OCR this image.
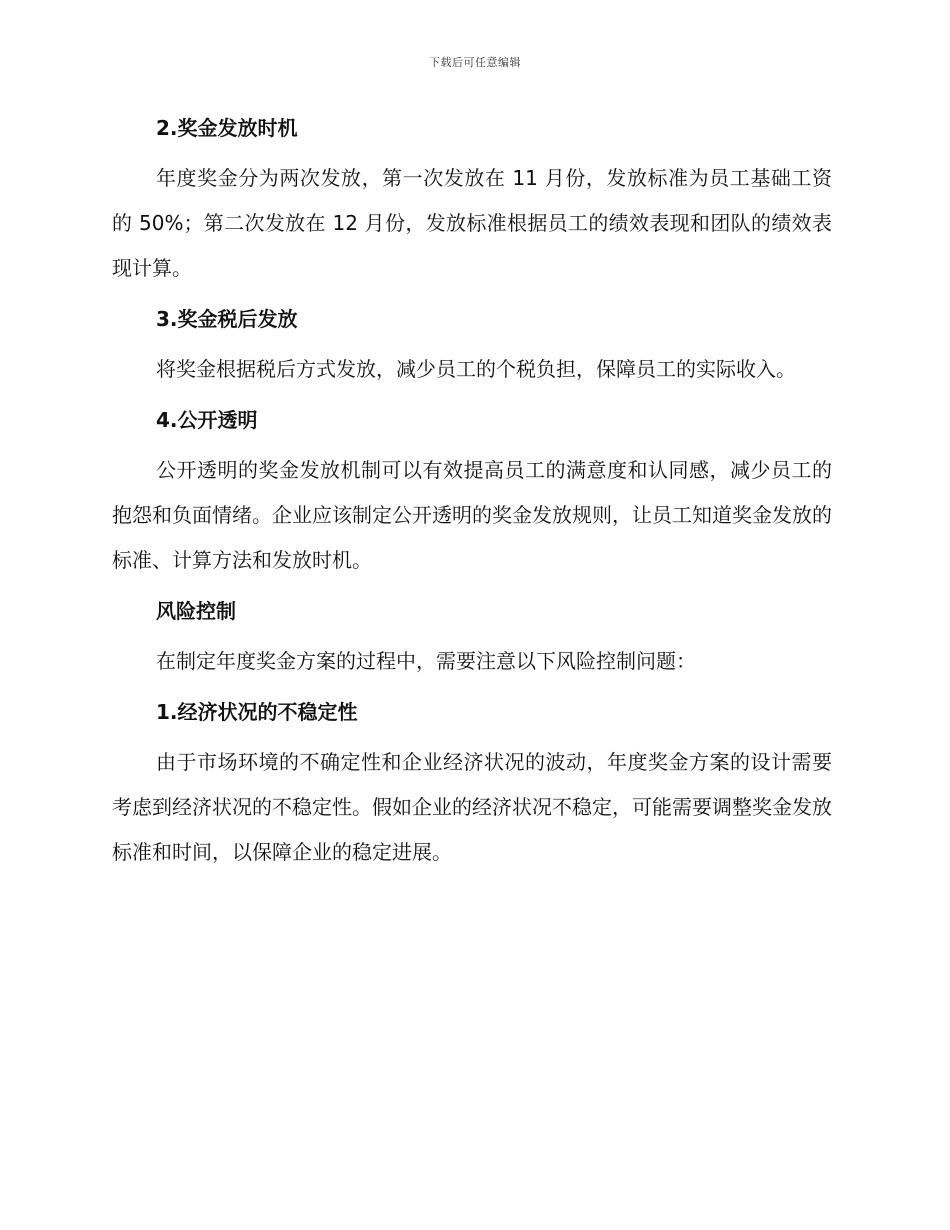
下载后可任意编辑
2.奖金发放时机

年度奖金分为两次发放，第一次发放在 11 月份，发放标准为员工基础工资的 50%；第二次发放在 12 月份，发放标准根据员工的绩效表现和团队的绩效表现计算。

3.奖金税后发放

将奖金根据税后方式发放，减少员工的个税负担，保障员工的实际收入。

4.公开透明

公开透明的奖金发放机制可以有效提高员工的满意度和认同感，减少员工的抱怨和负面情绪。企业应该制定公开透明的奖金发放规则，让员工知道奖金发放的标准、计算方法和发放时机。

风险控制

在制定年度奖金方案的过程中，需要注意以下风险控制问题：

1.经济状况的不稳定性

由于市场环境的不确定性和企业经济状况的波动，年度奖金方案的设计需要考虑到经济状况的不稳定性。假如企业的经济状况不稳定，可能需要调整奖金发放标准和时间，以保障企业的稳定进展。
